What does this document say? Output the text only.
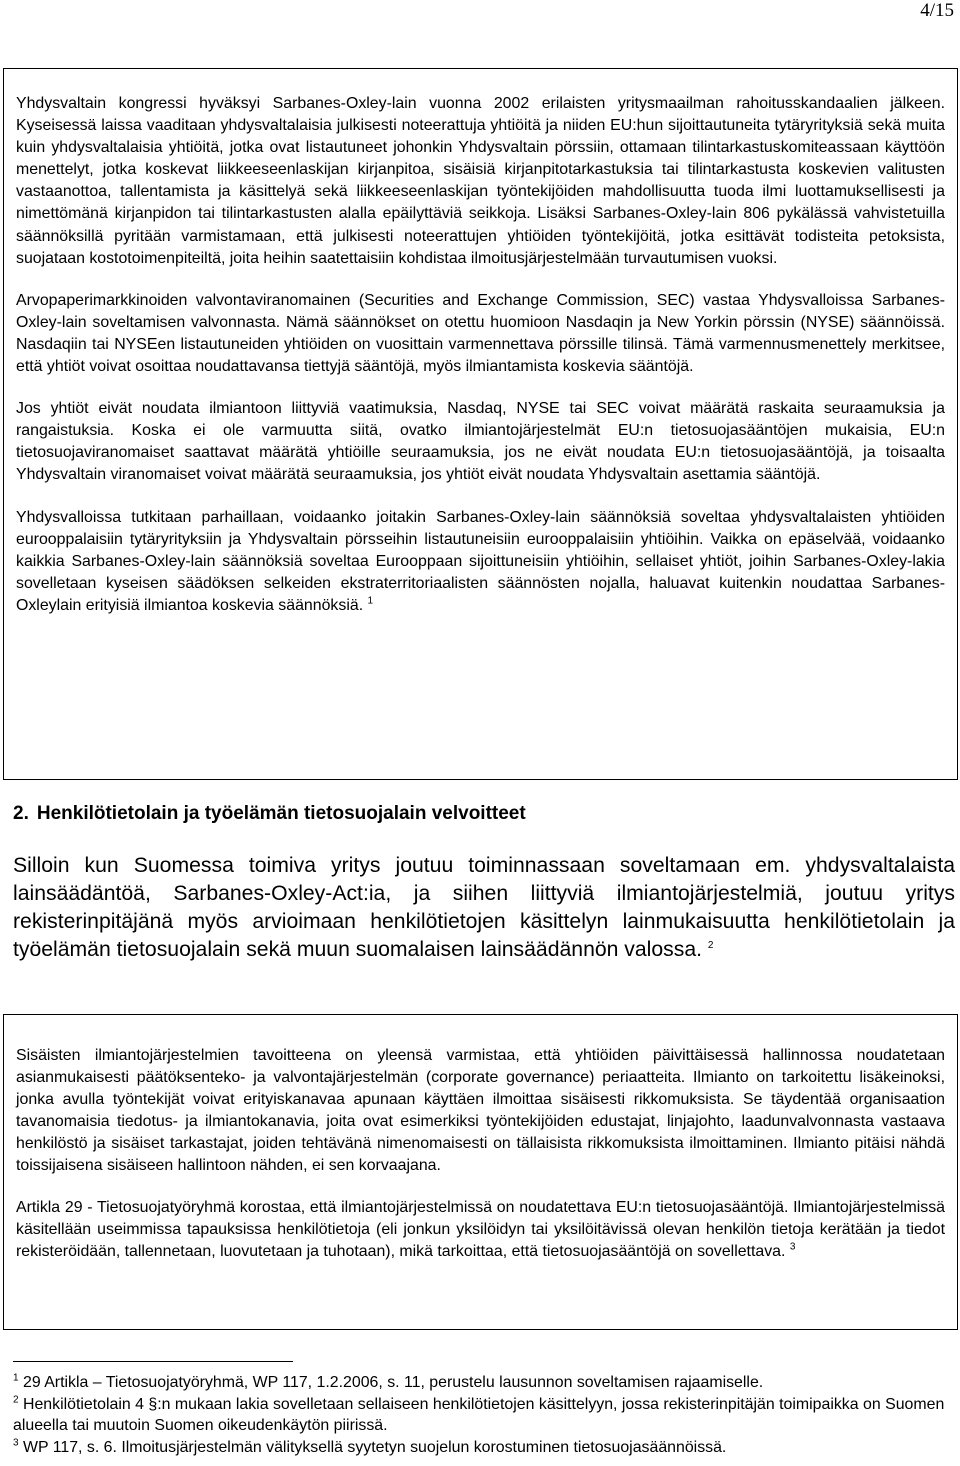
4/15

Yhdysvaltain kongressi hyväksyi Sarbanes-Oxley-lain vuonna 2002 erilaisten yritysmaailman rahoitusskandaalien jälkeen. Kyseisessä laissa vaaditaan yhdysvaltalaisia julkisesti noteerattuja yhtiöitä ja niiden EU:hun sijoittautuneita tytäryrityksiä sekä muita kuin yhdysvaltalaisia yhtiöitä, jotka ovat listautuneet johonkin Yhdysvaltain pörssiin, ottamaan tilintarkastuskomiteassaan käyttöön menettelyt, jotka koskevat liikkeeseenlaskijan kirjanpitoa, sisäisiä kirjanpitotarkastuksia tai tilintarkastusta koskevien valitusten vastaanottoa, tallentamista ja käsittelyä sekä liikkeeseenlaskijan työntekijöiden mahdollisuutta tuoda ilmi luottamuksellisesti ja nimettömänä kirjanpidon tai tilintarkastusten alalla epäilyttäviä seikkoja. Lisäksi Sarbanes-Oxley-lain 806 pykälässä vahvistetuilla säännöksillä pyritään varmistamaan, että julkisesti noteerattujen yhtiöiden työntekijöitä, jotka esittävät todisteita petoksista, suojataan kostotoimenpiteiltä, joita heihin saatettaisiin kohdistaa ilmoitusjärjestelmään turvautumisen vuoksi.

Arvopaperimarkkinoiden valvontaviranomainen (Securities and Exchange Commission, SEC) vastaa Yhdysvalloissa Sarbanes-Oxley-lain soveltamisen valvonnasta. Nämä säännökset on otettu huomioon Nasdaqin ja New Yorkin pörssin (NYSE) säännöissä. Nasdaqiin tai NYSEen listautuneiden yhtiöiden on vuosittain varmennettava pörssille tilinsä. Tämä varmennusmenettely merkitsee, että yhtiöt voivat osoittaa noudattavansa tiettyjä sääntöjä, myös ilmiantamista koskevia sääntöjä.

Jos yhtiöt eivät noudata ilmiantoon liittyviä vaatimuksia, Nasdaq, NYSE tai SEC voivat määrätä raskaita seuraamuksia ja rangaistuksia. Koska ei ole varmuutta siitä, ovatko ilmiantojärjestelmät EU:n tietosuojasääntöjen mukaisia, EU:n tietosuojaviranomaiset saattavat määrätä yhtiöille seuraamuksia, jos ne eivät noudata EU:n tietosuojasääntöjä, ja toisaalta Yhdysvaltain viranomaiset voivat määrätä seuraamuksia, jos yhtiöt eivät noudata Yhdysvaltain asettamia sääntöjä.

Yhdysvalloissa tutkitaan parhaillaan, voidaanko joitakin Sarbanes-Oxley-lain säännöksiä soveltaa yhdysvaltalaisten yhtiöiden eurooppalaisiin tytäryrityksiin ja Yhdysvaltain pörsseihin listautuneisiin eurooppalaisiin yhtiöihin. Vaikka on epäselvää, voidaanko kaikkia Sarbanes-Oxley-lain säännöksiä soveltaa Eurooppaan sijoittuneisiin yhtiöihin, sellaiset yhtiöt, joihin Sarbanes-Oxley-lakia sovelletaan kyseisen säädöksen selkeiden ekstraterritoriaalisten säännösten nojalla, haluavat kuitenkin noudattaa Sarbanes-Oxleylain erityisiä ilmiantoa koskevia säännöksiä. $^1$

2. Henkilötietolain ja työelämän tietosuojalain velvoitteet

Silloin kun Suomessa toimiva yritys joutuu toiminnassaan soveltamaan em. yhdysvaltalaista lainsäädäntöä, Sarbanes-Oxley-Act:ia, ja siihen liittyviä ilmiantojärjestelmiä, joutuu yritys rekisterinpitäjänä myös arvioimaan henkilötietojen käsittelyn lainmukaisuutta henkilötietolain ja työelämän tietosuojalain sekä muun suomalaisen lainsäädännön valossa. $^2$

Sisäisten ilmiantojärjestelmien tavoitteena on yleensä varmistaa, että yhtiöiden päivittäisessä hallinnossa noudatetaan asianmukaisesti päätöksenteko- ja valvontajärjestelmän (corporate governance) periaatteita. Ilmianto on tarkoitettu lisäkeinoksi, jonka avulla työntekijät voivat erityiskanavaa apunaan käyttäen ilmoittaa sisäisesti rikkomuksista. Se täydentää organisaation tavanomaisia tiedotus- ja ilmiantokanavia, joita ovat esimerkiksi työntekijöiden edustajat, linjajohto, laadunvalvonnasta vastaava henkilöstö ja sisäiset tarkastajat, joiden tehtävänä nimenomaisesti on tällaisista rikkomuksista ilmoittaminen. Ilmianto pitäisi nähdä toissijaisena sisäiseen hallintoon nähden, ei sen korvaajana.

Artikla 29 - Tietosuojatyöryhmä korostaa, että ilmiantojärjestelmissä on noudatettava EU:n tietosuojasääntöjä. Ilmiantojärjestelmissä käsitellään useimmissa tapauksissa henkilötietoja (eli jonkun yksilöidyn tai yksilöitävissä olevan henkilön tietoja kerätään ja tiedot rekisteröidään, tallennetaan, luovutetaan ja tuhotaan), mikä tarkoittaa, että tietosuojasääntöjä on sovellettava. $^3$

$^1$ 29 Artikla – Tietosuojatyöryhmä, WP 117, 1.2.2006, s. 11, perustelu lausunnon soveltamisen rajaamiselle.

$^2$ Henkilötietolain 4 §:n mukaan lakia sovelletaan sellaiseen henkilötietojen käsittelyyn, jossa rekisterinpitäjän toimipaikka on Suomen alueella tai muutoin Suomen oikeudenkäytön piirissä.

$^3$ WP 117, s. 6. Ilmoitusjärjestelmän välityksellä syytetyn suojelun korostuminen tietosuojasäännöissä.
